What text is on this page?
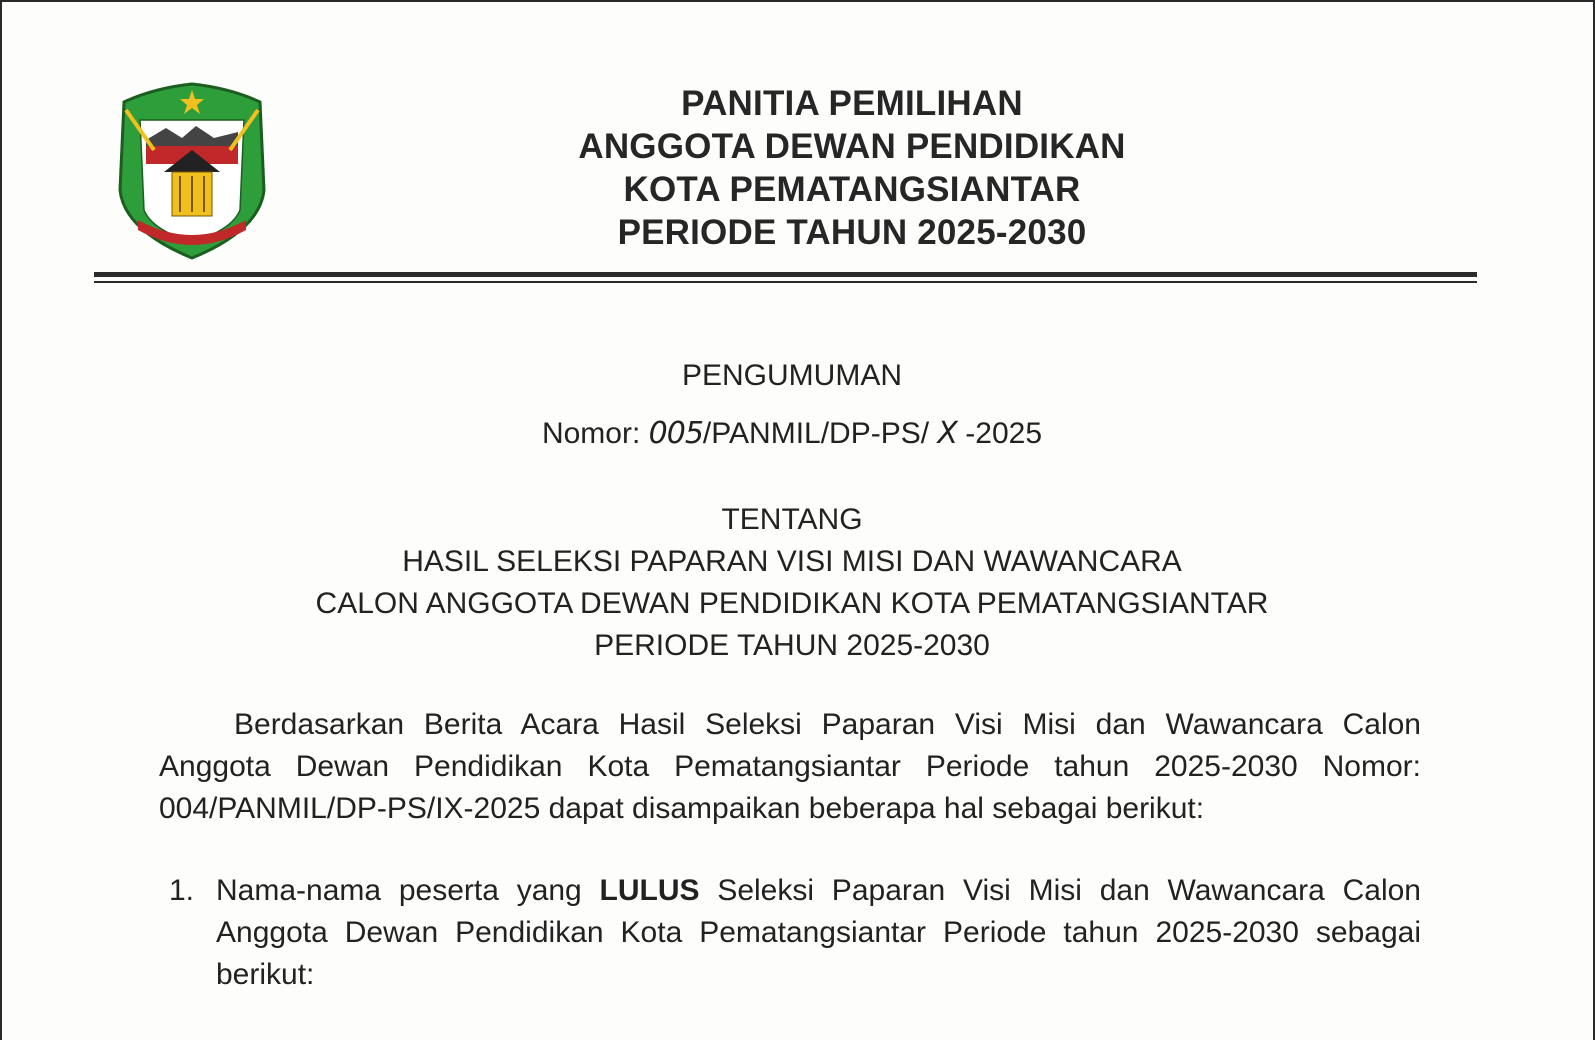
PANITIA PEMILIHAN
ANGGOTA DEWAN PENDIDIKAN
KOTA PEMATANGSIANTAR
PERIODE TAHUN 2025-2030
PENGUMUMAN
Nomor: 005/PANMIL/DP-PS/ X -2025
TENTANG
HASIL SELEKSI PAPARAN VISI MISI DAN WAWANCARA
CALON ANGGOTA DEWAN PENDIDIKAN KOTA PEMATANGSIANTAR
PERIODE TAHUN 2025-2030
Berdasarkan Berita Acara Hasil Seleksi Paparan Visi Misi dan Wawancara Calon Anggota Dewan Pendidikan Kota Pematangsiantar Periode tahun 2025-2030 Nomor: 004/PANMIL/DP-PS/IX-2025 dapat disampaikan beberapa hal sebagai berikut:
1. Nama-nama peserta yang LULUS Seleksi Paparan Visi Misi dan Wawancara Calon Anggota Dewan Pendidikan Kota Pematangsiantar Periode tahun 2025-2030 sebagai berikut:
